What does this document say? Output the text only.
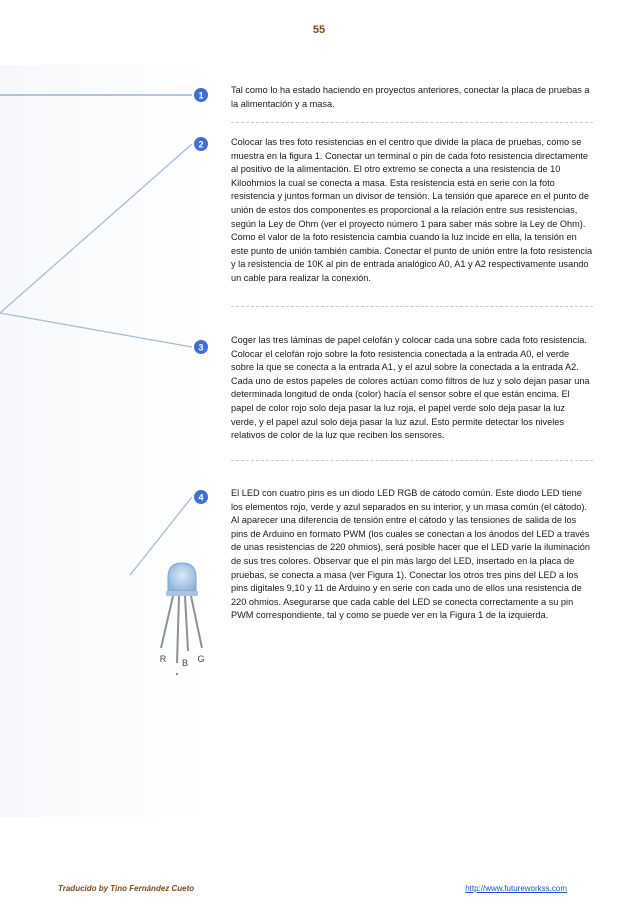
55
1
2
3
4
R B G

Tal como lo ha estado haciendo en proyectos anteriores, conectar la placa de pruebas a la alimentación y a masa.

Colocar las tres foto resistencias en el centro que divide la placa de pruebas, como se muestra en la figura 1. Conectar un terminal o pin de cada foto resistencia directamente al positivo de la alimentación. El otro extremo se conecta a una resistencia de 10 Kiloohmios la cual se conecta a masa. Esta resistencia está en serie con la foto resistencia y juntos forman un divisor de tensión. La tensión que aparece en el punto de unión de estos dos componentes es proporcional a la relación entre sus resistencias, según la Ley de Ohm (ver el proyecto número 1 para saber más sobre la Ley de Ohm). Como el valor de la foto resistencia cambia cuando la luz incide en ella, la tensión en este punto de unión también cambia. Conectar el punto de unión entre la foto resistencia y la resistencia de 10K al pin de entrada analógico A0, A1 y A2 respectivamente usando un cable para realizar la conexión.

Coger las tres láminas de papel celofán y colocar cada una sobre cada foto resistencia. Colocar el celofán rojo sobre la foto resistencia conectada a la entrada A0, el verde sobre la que se conecta a la entrada A1, y el azul sobre la conectada a la entrada A2. Cada uno de estos papeles de colores actúan como filtros de luz y solo dejan pasar una determinada longitud de onda (color) hacía el sensor sobre el que están encima. El papel de color rojo solo deja pasar la luz roja, el papel verde solo deja pasar la luz verde, y el papel azul solo deja pasar la luz azul. Esto permite detectar los niveles relativos de color de la luz que reciben los sensores.

El LED con cuatro pins es un diodo LED RGB de cátodo común. Este diodo LED tiene los elementos rojo, verde y azul separados en su interior, y un masa común (el cátodo). Al aparecer una diferencia de tensión entre el cátodo y las tensiones de salida de los pins de Arduino en formato PWM (los cuales se conectan a los ánodos del LED a través de unas resistencias de 220 ohmios), será posible hacer que el LED varíe la iluminación de sus tres colores. Observar que el pin más largo del LED, insertado en la placa de pruebas, se conecta a masa (ver Figura 1). Conectar los otros tres pins del LED a los pins digitales 9,10 y 11 de Arduino y en serie con cada uno de ellos una resistencia de 220 ohmios. Asegurarse que cada cable del LED se conecta correctamente a su pin PWM correspondiente, tal y como se puede ver en la Figura 1 de la izquierda.

Traducido by Tino Fernández Cueto	http://www.futureworkss.com
